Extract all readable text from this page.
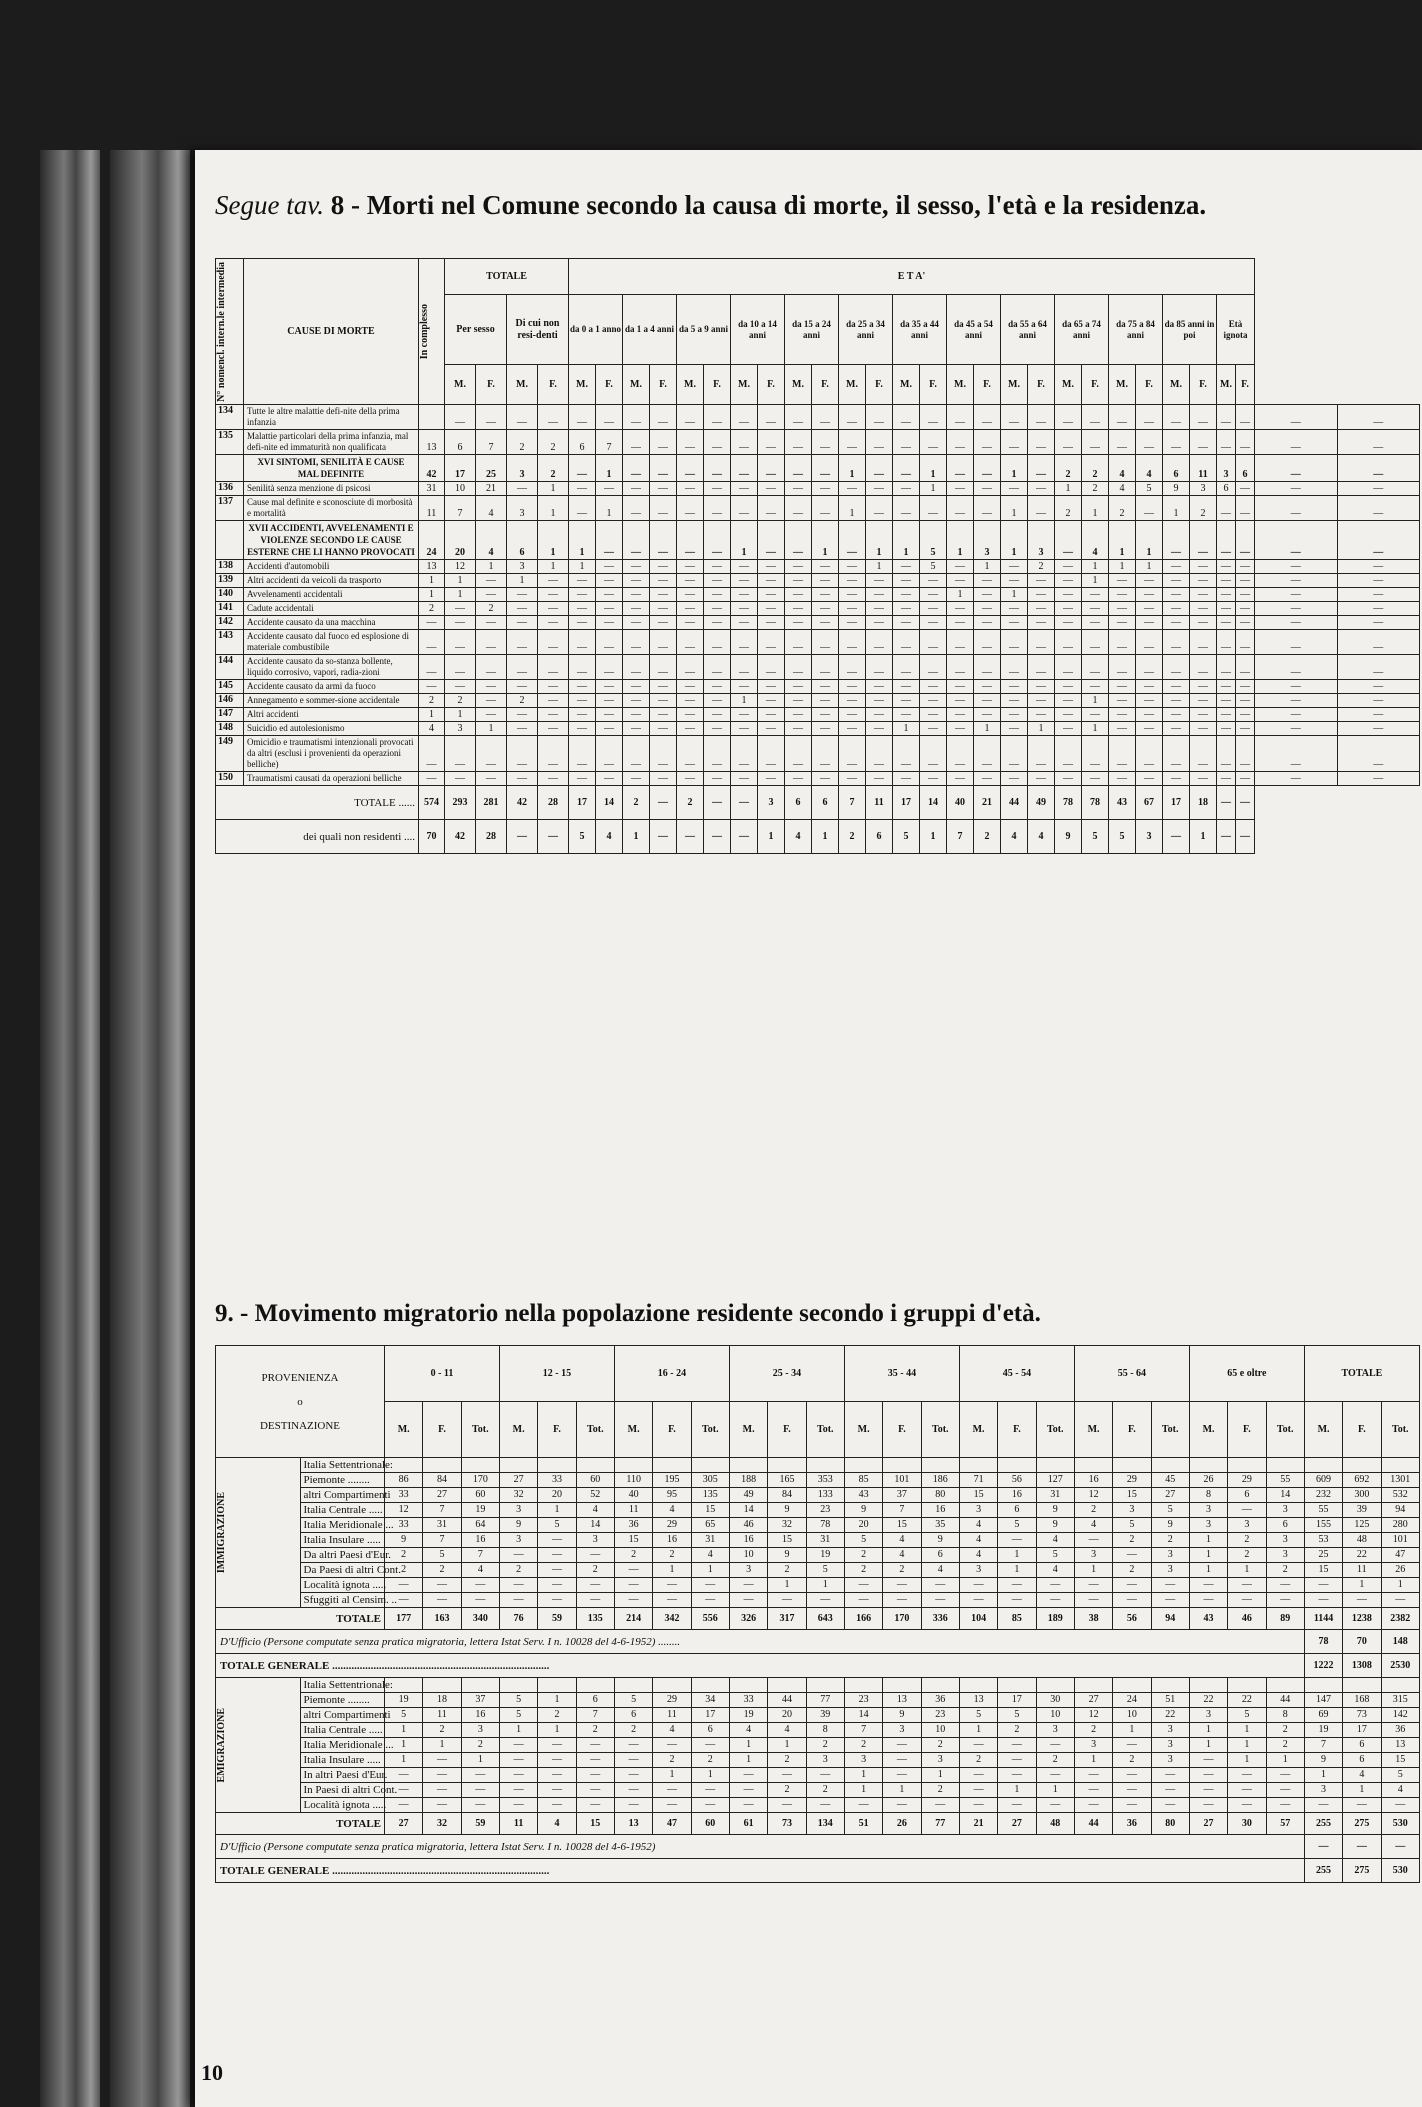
Segue tav. 8 - Morti nel Comune secondo la causa di morte, il sesso, l'età e la residenza.
N° nomencl. intern.le intermedia	CAUSE DI MORTE	In complesso	TOTALE				E T A'																											
			Per sesso		Di cui non resi-denti		da 0 a 1 anno		da 1 a 4 anni		da 5 a 9 anni		da 10 a 14 anni		da 15 a 24 anni		da 25 a 34 anni		da 35 a 44 anni		da 45 a 54 anni		da 55 a 64 anni		da 65 a 74 anni		da 75 a 84 anni		da 85 anni in poi		Età ignota			
			M.	F.	M.	F.	M.	F.	M.	F.	M.	F.	M.	F.	M.	F.	M.	F.	M.	F.	M.	F.	M.	F.	M.	F.	M.	F.	M.	F.	M.	F.		
134	Tutte le altre malattie defi-nite della prima infanzia		—	—	—	—	—	—	—	—	—	—	—	—	—	—	—	—	—	—	—	—	—	—	—	—	—	—	—	—	—	—	—	—
135	Malattie particolari della prima infanzia, mal defi-nite ed immaturità non qualificata	13	6	7	2	2	6	7	—	—	—	—	—	—	—	—	—	—	—	—	—	—	—	—	—	—	—	—	—	—	—	—	—	—
	XVI SINTOMI, SENILITÀ E CAUSE MAL DEFINITE	42	17	25	3	2	—	1	—	—	—	—	—	—	—	—	1	—	—	1	—	—	1	—	2	2	4	4	6	11	3	6	—	—
136	Senilità senza menzione di psicosi	31	10	21	—	1	—	—	—	—	—	—	—	—	—	—	—	—	—	1	—	—	—	—	1	2	4	5	9	3	6	—	—	—
137	Cause mal definite e sconosciute di morbosità e mortalità	11	7	4	3	1	—	1	—	—	—	—	—	—	—	—	1	—	—	—	—	—	1	—	2	1	2	—	1	2	—	—	—	—
	XVII ACCIDENTI, AVVELENAMENTI E VIOLENZE SECONDO LE CAUSE ESTERNE CHE LI HANNO PROVOCATI	24	20	4	6	1	1	—	—	—	—	—	1	—	—	1	—	1	1	5	1	3	1	3	—	4	1	1	—	—	—	—	—	—
138	Accidenti d'automobili	13	12	1	3	1	1	—	—	—	—	—	—	—	—	—	—	1	—	5	—	1	—	2	—	1	1	1	—	—	—	—	—	—
139	Altri accidenti da veicoli da trasporto	1	1	—	1	—	—	—	—	—	—	—	—	—	—	—	—	—	—	—	—	—	—	—	—	1	—	—	—	—	—	—	—	—
140	Avvelenamenti accidentali	1	1	—	—	—	—	—	—	—	—	—	—	—	—	—	—	—	—	—	1	—	1	—	—	—	—	—	—	—	—	—	—	—
141	Cadute accidentali	2	—	2	—	—	—	—	—	—	—	—	—	—	—	—	—	—	—	—	—	—	—	—	—	—	—	—	—	—	—	—	—	—
142	Accidente causato da una macchina	—	—	—	—	—	—	—	—	—	—	—	—	—	—	—	—	—	—	—	—	—	—	—	—	—	—	—	—	—	—	—	—	—
143	Accidente causato dal fuoco ed esplosione di materiale combustibile	—	—	—	—	—	—	—	—	—	—	—	—	—	—	—	—	—	—	—	—	—	—	—	—	—	—	—	—	—	—	—	—	—
144	Accidente causato da so-stanza bollente, liquido corrosivo, vapori, radia-zioni	—	—	—	—	—	—	—	—	—	—	—	—	—	—	—	—	—	—	—	—	—	—	—	—	—	—	—	—	—	—	—	—	—
145	Accidente causato da armi da fuoco	—	—	—	—	—	—	—	—	—	—	—	—	—	—	—	—	—	—	—	—	—	—	—	—	—	—	—	—	—	—	—	—	—
146	Annegamento e sommer-sione accidentale	2	2	—	2	—	—	—	—	—	—	—	1	—	—	—	—	—	—	—	—	—	—	—	—	1	—	—	—	—	—	—	—	—
147	Altri accidenti	1	1	—	—	—	—	—	—	—	—	—	—	—	—	—	—	—	—	—	—	—	—	—	—	—	—	—	—	—	—	—	—	—
148	Suicidio ed autolesionismo	4	3	1	—	—	—	—	—	—	—	—	—	—	—	—	—	—	1	—	—	1	—	1	—	1	—	—	—	—	—	—	—	—
149	Omicidio e traumatismi intenzionali provocati da altri (esclusi i provenienti da operazioni belliche)	—	—	—	—	—	—	—	—	—	—	—	—	—	—	—	—	—	—	—	—	—	—	—	—	—	—	—	—	—	—	—	—	—
150	Traumatismi causati da operazioni belliche	—	—	—	—	—	—	—	—	—	—	—	—	—	—	—	—	—	—	—	—	—	—	—	—	—	—	—	—	—	—	—	—	—
TOTALE ......		574	293	281	42	28	17	14	2	—	2	—	—	3	6	6	7	11	17	14	40	21	44	49	78	78	43	67	17	18	—	—		
dei quali non residenti ....		70	42	28	—	—	5	4	1	—	—	—	—	1	4	1	2	6	5	1	7	2	4	4	9	5	5	3	—	1	—	—		
9. - Movimento migratorio nella popolazione residente secondo i gruppi d'età.
PROVENIENZA
o
DESTINAZIONE		0 - 11			12 - 15			16 - 24			25 - 34			35 - 44			45 - 54			55 - 64			65 e oltre			TOTALE		
		M.	F.	Tot.	M.	F.	Tot.	M.	F.	Tot.	M.	F.	Tot.	M.	F.	Tot.	M.	F.	Tot.	M.	F.	Tot.	M.	F.	Tot.	M.	F.	Tot.

IMMIGRAZIONE	Italia Settentrionale:																											
	Piemonte ........	86	84	170	27	33	60	110	195	305	188	165	353	85	101	186	71	56	127	16	29	45	26	29	55	609	692	1301
	altri Compartimenti	33	27	60	32	20	52	40	95	135	49	84	133	43	37	80	15	16	31	12	15	27	8	6	14	232	300	532
	Italia Centrale .....	12	7	19	3	1	4	11	4	15	14	9	23	9	7	16	3	6	9	2	3	5	3	—	3	55	39	94
	Italia Meridionale ...	33	31	64	9	5	14	36	29	65	46	32	78	20	15	35	4	5	9	4	5	9	3	3	6	155	125	280
	Italia Insulare .....	9	7	16	3	—	3	15	16	31	16	15	31	5	4	9	4	—	4	—	2	2	1	2	3	53	48	101
	Da altri Paesi d'Eur.	2	5	7	—	—	—	2	2	4	10	9	19	2	4	6	4	1	5	3	—	3	1	2	3	25	22	47
	Da Paesi di altri Cont.	2	2	4	2	—	2	—	1	1	3	2	5	2	2	4	3	1	4	1	2	3	1	1	2	15	11	26
	Località ignota .....	—	—	—	—	—	—	—	—	—	—	1	1	—	—	—	—	—	—	—	—	—	—	—	—	—	1	1
	Sfuggiti al Censim. ..	—	—	—	—	—	—	—	—	—	—	—	—	—	—	—	—	—	—	—	—	—	—	—	—	—	—	—
TOTALE		177	163	340	76	59	135	214	342	556	326	317	643	166	170	336	104	85	189	38	56	94	43	46	89	1144	1238	2382
D'Ufficio (Persone computate senza pratica migratoria, lettera Istat Serv. I n. 10028 del 4-6-1952) ........																										78	70	148
TOTALE GENERALE ...............................................................................																										1222	1308	2530

EMIGRAZIONE	Italia Settentrionale:																											
	Piemonte ........	19	18	37	5	1	6	5	29	34	33	44	77	23	13	36	13	17	30	27	24	51	22	22	44	147	168	315
	altri Compartimenti	5	11	16	5	2	7	6	11	17	19	20	39	14	9	23	5	5	10	12	10	22	3	5	8	69	73	142
	Italia Centrale .....	1	2	3	1	1	2	2	4	6	4	4	8	7	3	10	1	2	3	2	1	3	1	1	2	19	17	36
	Italia Meridionale ...	1	1	2	—	—	—	—	—	—	1	1	2	2	—	2	—	—	—	3	—	3	1	1	2	7	6	13
	Italia Insulare .....	1	—	1	—	—	—	—	2	2	1	2	3	3	—	3	2	—	2	1	2	3	—	1	1	9	6	15
	In altri Paesi d'Eur.	—	—	—	—	—	—	—	1	1	—	—	—	1	—	1	—	—	—	—	—	—	—	—	—	1	4	5
	In Paesi di altri Cont.	—	—	—	—	—	—	—	—	—	—	2	2	1	1	2	—	1	1	—	—	—	—	—	—	3	1	4
	Località ignota .....	—	—	—	—	—	—	—	—	—	—	—	—	—	—	—	—	—	—	—	—	—	—	—	—	—	—	—
TOTALE		27	32	59	11	4	15	13	47	60	61	73	134	51	26	77	21	27	48	44	36	80	27	30	57	255	275	530
D'Ufficio (Persone computate senza pratica migratoria, lettera Istat Serv. I n. 10028 del 4-6-1952)																										—	—	—
TOTALE GENERALE ...............................................................................																										255	275	530
10
